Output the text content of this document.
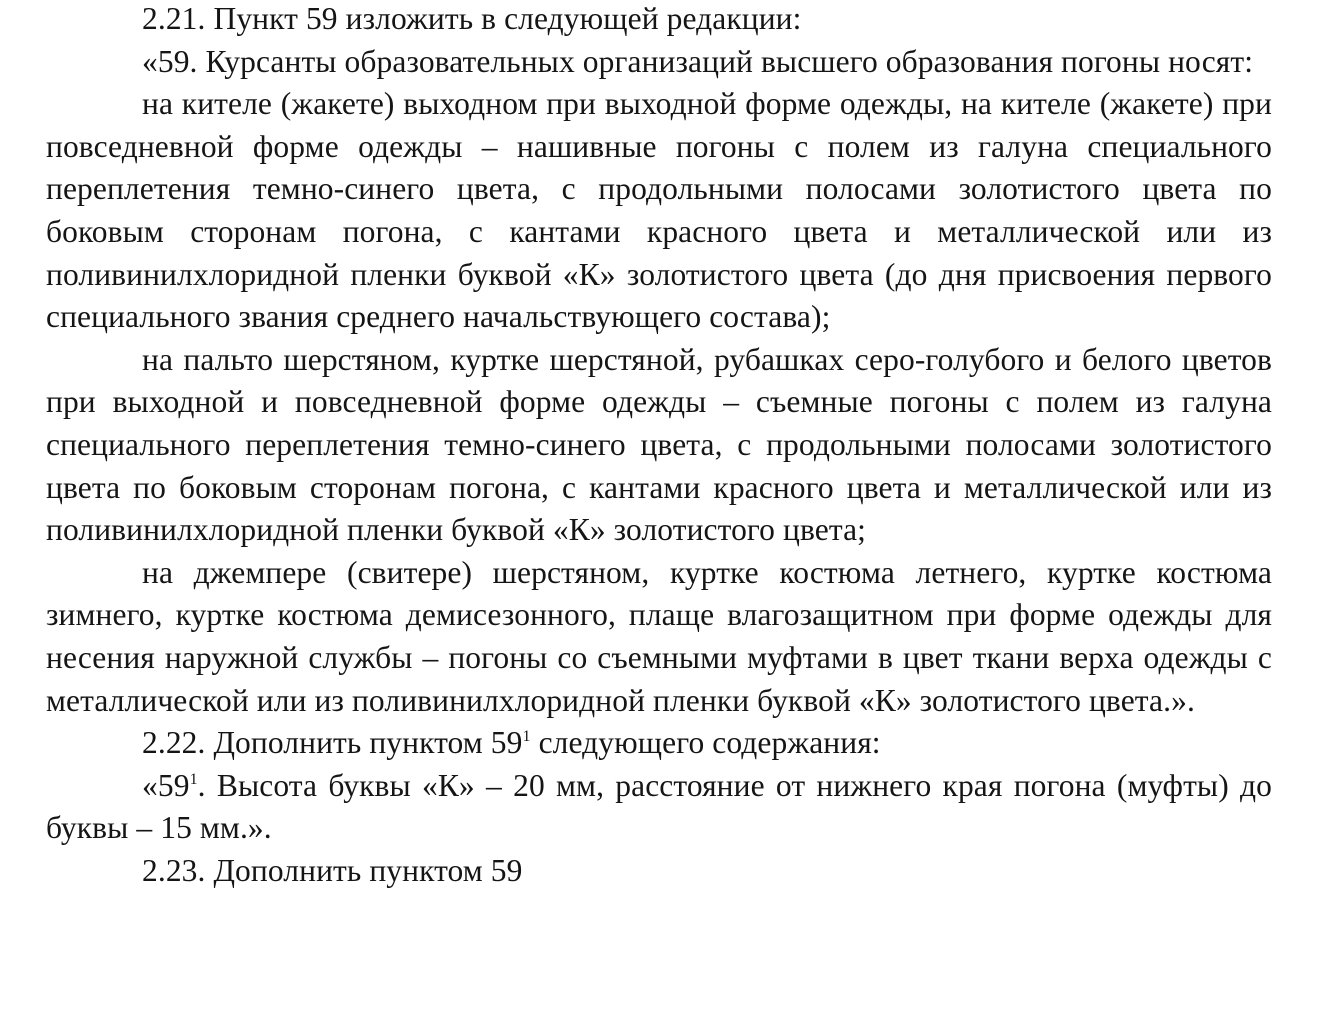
2.21. Пункт 59 изложить в следующей редакции:

«59. Курсанты образовательных организаций высшего образования погоны носят:

на кителе (жакете) выходном при выходной форме одежды, на кителе (жакете) при повседневной форме одежды – нашивные погоны с полем из галуна специального переплетения темно-синего цвета, с продольными полосами золотистого цвета по боковым сторонам погона, с кантами красного цвета и металлической или из поливинилхлоридной пленки буквой «К» золотистого цвета (до дня присвоения первого специального звания среднего начальствующего состава);

на пальто шерстяном, куртке шерстяной, рубашках серо-голубого и белого цветов при выходной и повседневной форме одежды – съемные погоны с полем из галуна специального переплетения темно-синего цвета, с продольными полосами золотистого цвета по боковым сторонам погона, с кантами красного цвета и металлической или из поливинилхлоридной пленки буквой «К» золотистого цвета;

на джемпере (свитере) шерстяном, куртке костюма летнего, куртке костюма зимнего, куртке костюма демисезонного, плаще влагозащитном при форме одежды для несения наружной службы – погоны со съемными муфтами в цвет ткани верха одежды с металлической или из поливинилхлоридной пленки буквой «К» золотистого цвета.».

2.22. Дополнить пунктом $59^1$ следующего содержания:

«$59^1$. Высота буквы «К» – 20 мм, расстояние от нижнего края погона (муфты) до буквы – 15 мм.».

2.23. Дополнить пунктом 59
